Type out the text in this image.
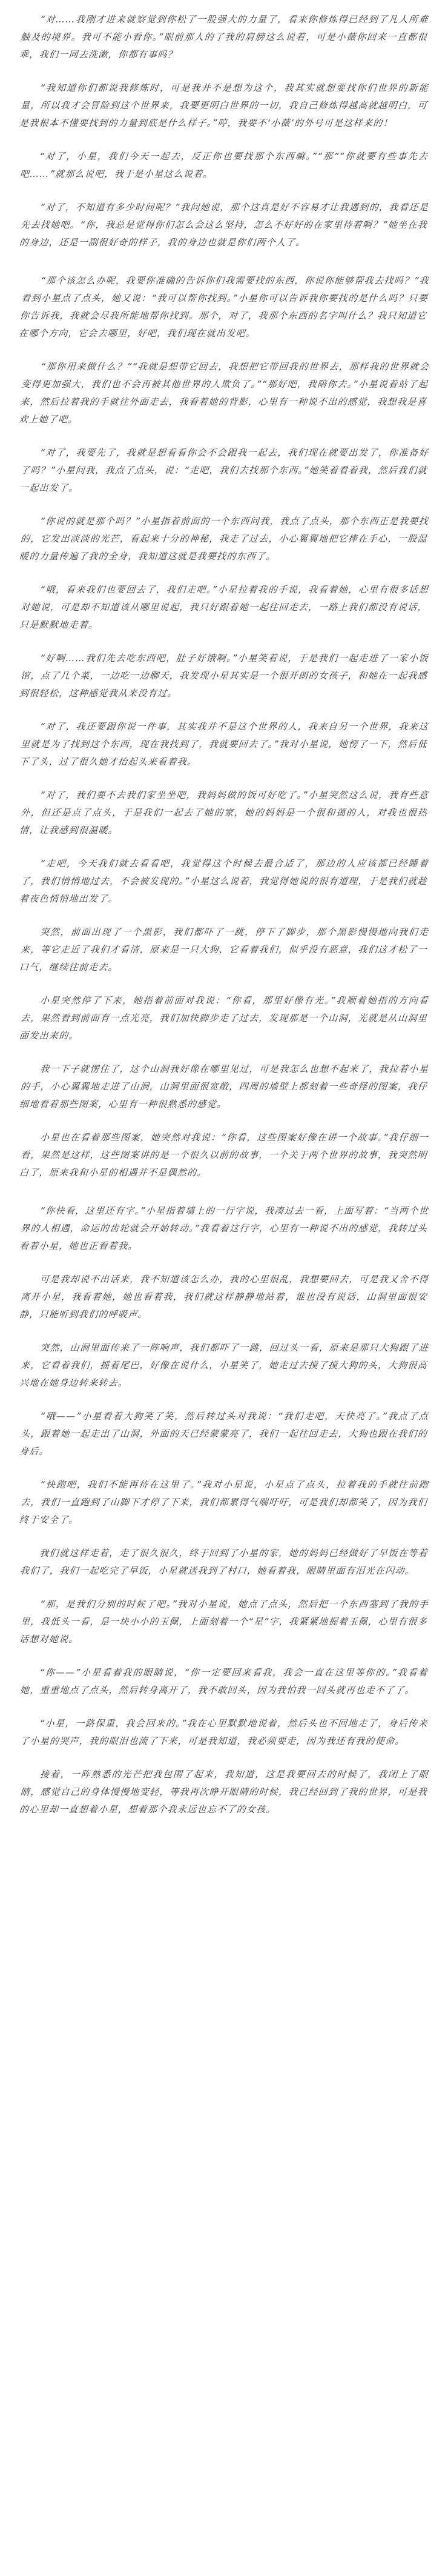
“对……我刚才进来就察觉到你松了一股强大的力量了，看来你修炼得已经到了凡人所难触及的境界。我可不能小看你。”眼前那人的了我的肩膀这么说着，可是小薇你回来一直都很乖，我们一同去洗漱，你都有事吗？

“我知道你们都说我修炼时，可是我并不是想为这个，我其实就想要找你们世界的新能量，所以我才会冒险到这个世界来，我要更明白世界的一切，我自己修炼得越高就越明白，可是我根本不懂要找到的力量到底是什么样子。”哼，我要不‘小薇’的外号可是这样来的！

“对了，小星，我们今天一起去，反正你也要找那个东西嘛。”“那”“你就要有些事先去吧……”就那么说吧，我于是小星这么说着。

“对了，不知道有多少时间呢？”我问她说，那个这真是好不容易才让我遇到的，我看还是先去找她吧。“你，我总是觉得你们怎么会这么坚持，怎么不好好的在家里待着啊？”她坐在我的身边，还是一副很好奇的样子，我的身边也就是你们两个人了。

“那个该怎么办呢，我要你准确的告诉你们我需要找的东西，你说你能够帮我去找吗？”我看到小星点了点头，她又说：“我可以帮你找到。”小星你可以告诉我你要找的是什么吗？只要你告诉我，我就会尽我所能地帮你找到。那个，对了，我那个东西的名字叫什么？我只知道它在哪个方向，它会去哪里，好吧，我们现在就出发吧。

“那你用来做什么？”“我就是想带它回去，我想把它带回我的世界去，那样我的世界就会变得更加强大，我们也不会再被其他世界的人欺负了。”“那好吧，我陪你去。”小星说着站了起来，然后拉着我的手就往外面走去，我看着她的背影，心里有一种说不出的感觉，我想我是喜欢上她了吧。

“对了，我要先了，我就是想看看你会不会跟我一起去，我们现在就要出发了，你准备好了吗？”小星问我，我点了点头，说：“走吧，我们去找那个东西。”她笑着看着我，然后我们就一起出发了。

“你说的就是那个吗？”小星指着前面的一个东西问我，我点了点头，那个东西正是我要找的，它发出淡淡的光芒，看起来十分的神秘，我走了过去，小心翼翼地把它捧在手心，一股温暖的力量传遍了我的全身，我知道这就是我要找的东西了。

“哦，看来我们也要回去了，我们走吧。”小星拉着我的手说，我看着她，心里有很多话想对她说，可是却不知道该从哪里说起，我只好跟着她一起往回走去，一路上我们都没有说话，只是默默地走着。

“好啊……我们先去吃东西吧，肚子好饿啊。”小星笑着说，于是我们一起走进了一家小饭馆，点了几个菜，一边吃一边聊天，我发现小星其实是一个很开朗的女孩子，和她在一起我感到很轻松，这种感觉我从来没有过。

“对了，我还要跟你说一件事，其实我并不是这个世界的人，我来自另一个世界，我来这里就是为了找到这个东西，现在我找到了，我就要回去了。”我对小星说，她愣了一下，然后低下了头，过了很久她才抬起头来看着我。

“对了，我们要不去我们家坐坐吧，我妈妈做的饭可好吃了。”小星突然这么说，我有些意外，但还是点了点头，于是我们一起去了她的家，她的妈妈是一个很和蔼的人，对我也很热情，让我感到很温暖。

“走吧，今天我们就去看看吧，我觉得这个时候去最合适了，那边的人应该都已经睡着了，我们悄悄地过去，不会被发现的。”小星这么说着，我觉得她说的很有道理，于是我们就趁着夜色悄悄地出发了。

突然，前面出现了一个黑影，我们都吓了一跳，停下了脚步，那个黑影慢慢地向我们走来，等它走近了我们才看清，原来是一只大狗，它看着我们，似乎没有恶意，我们这才松了一口气，继续往前走去。

小星突然停了下来，她指着前面对我说：“你看，那里好像有光。”我顺着她指的方向看去，果然看到前面有一点光亮，我们加快脚步走了过去，发现那是一个山洞，光就是从山洞里面发出来的。

我一下子就愣住了，这个山洞我好像在哪里见过，可是我怎么也想不起来了，我拉着小星的手，小心翼翼地走进了山洞，山洞里面很宽敞，四周的墙壁上都刻着一些奇怪的图案，我仔细地看着那些图案，心里有一种很熟悉的感觉。

小星也在看着那些图案，她突然对我说：“你看，这些图案好像在讲一个故事。”我仔细一看，果然是这样，这些图案讲的是一个很久以前的故事，一个关于两个世界的故事，我突然明白了，原来我和小星的相遇并不是偶然的。

“你快看，这里还有字。”小星指着墙上的一行字说，我凑过去一看，上面写着：“当两个世界的人相遇，命运的齿轮就会开始转动。”我看着这行字，心里有一种说不出的感觉，我转过头看着小星，她也正看着我。

可是我却说不出话来，我不知道该怎么办，我的心里很乱，我想要回去，可是我又舍不得离开小星，我看着她，她也看着我，我们就这样静静地站着，谁也没有说话，山洞里面很安静，只能听到我们的呼吸声。

突然，山洞里面传来了一阵响声，我们都吓了一跳，回过头一看，原来是那只大狗跟了进来，它看着我们，摇着尾巴，好像在说什么，小星笑了，她走过去摸了摸大狗的头，大狗很高兴地在她身边转来转去。

“哦——”小星看着大狗笑了笑，然后转过头对我说：“我们走吧，天快亮了。”我点了点头，跟着她一起走出了山洞，外面的天已经蒙蒙亮了，我们一起往回走去，大狗也跟在我们的身后。

“快跑吧，我们不能再待在这里了。”我对小星说，小星点了点头，拉着我的手就往前跑去，我们一直跑到了山脚下才停了下来，我们都累得气喘吁吁，可是我们却都笑了，因为我们终于安全了。

我们就这样走着，走了很久很久，终于回到了小星的家，她的妈妈已经做好了早饭在等着我们了，我们一起吃完了早饭，小星就送我到了村口，她看着我，眼睛里面有泪光在闪动。

“那，是我们分别的时候了吧。”我对小星说，她点了点头，然后把一个东西塞到了我的手里，我低头一看，是一块小小的玉佩，上面刻着一个“星”字，我紧紧地握着玉佩，心里有很多话想对她说。

“你——”小星看着我的眼睛说，“你一定要回来看我，我会一直在这里等你的。”我看着她，重重地点了点头，然后转身离开了，我不敢回头，因为我怕我一回头就再也走不了了。

“小星，一路保重，我会回来的。”我在心里默默地说着，然后头也不回地走了，身后传来了小星的哭声，我的眼泪也流了下来，可是我知道，我必须要走，因为我还有我的使命。

接着，一阵熟悉的光芒把我包围了起来，我知道，这是我要回去的时候了，我闭上了眼睛，感觉自己的身体慢慢地变轻，等我再次睁开眼睛的时候，我已经回到了我的世界，可是我的心里却一直想着小星，想着那个我永远也忘不了的女孩。
